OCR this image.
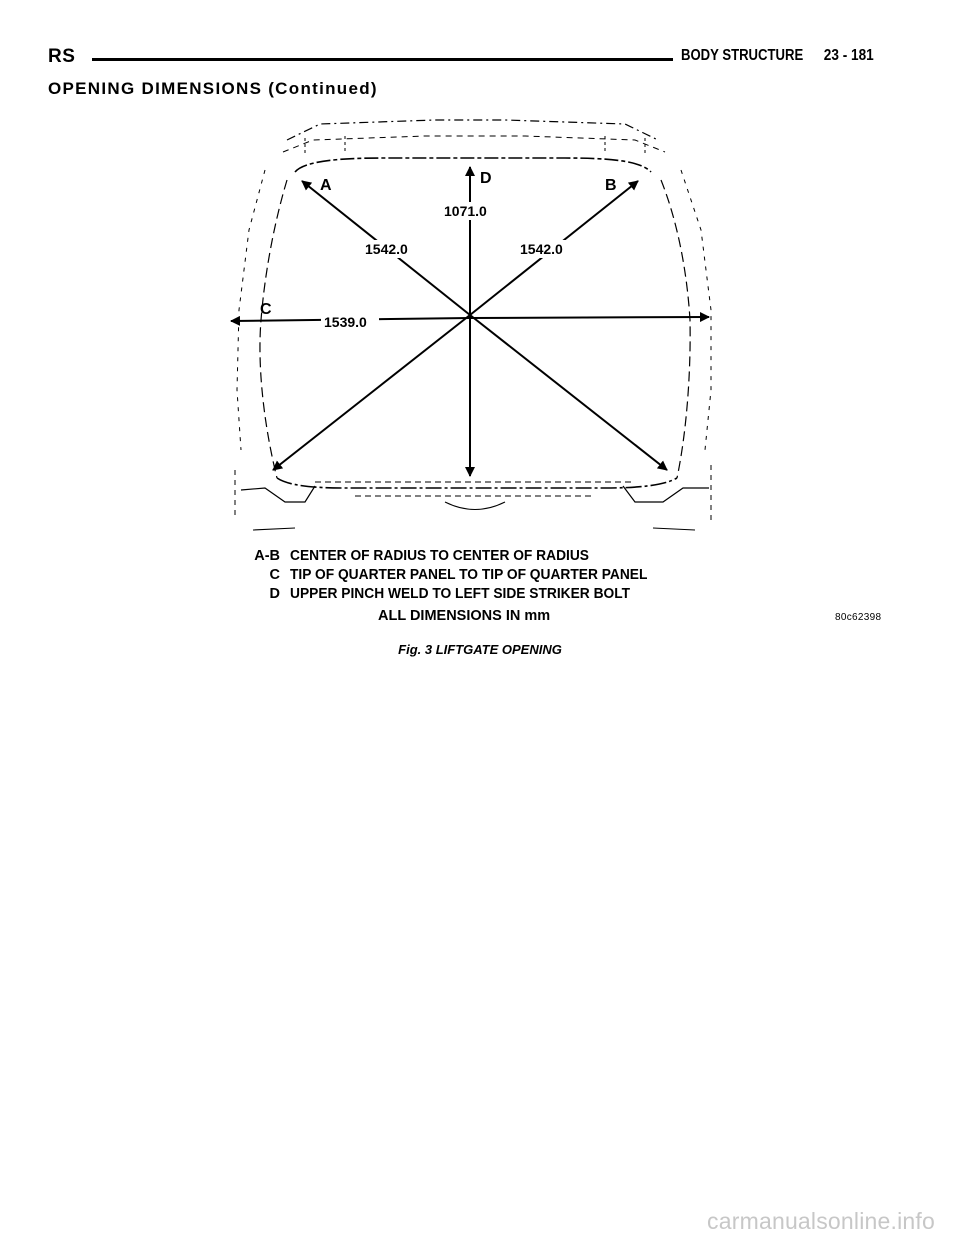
RS	BODY STRUCTURE 23 - 181
OPENING DIMENSIONS (Continued)
A	B
C
D
1071.0
1542.0	1542.0
1539.0
A-B CENTER OF RADIUS TO CENTER OF RADIUS
C TIP OF QUARTER PANEL TO TIP OF QUARTER PANEL
D UPPER PINCH WELD TO LEFT SIDE STRIKER BOLT
ALL DIMENSIONS IN mm	80c62398
Fig. 3 LIFTGATE OPENING
carmanualsonline.info
